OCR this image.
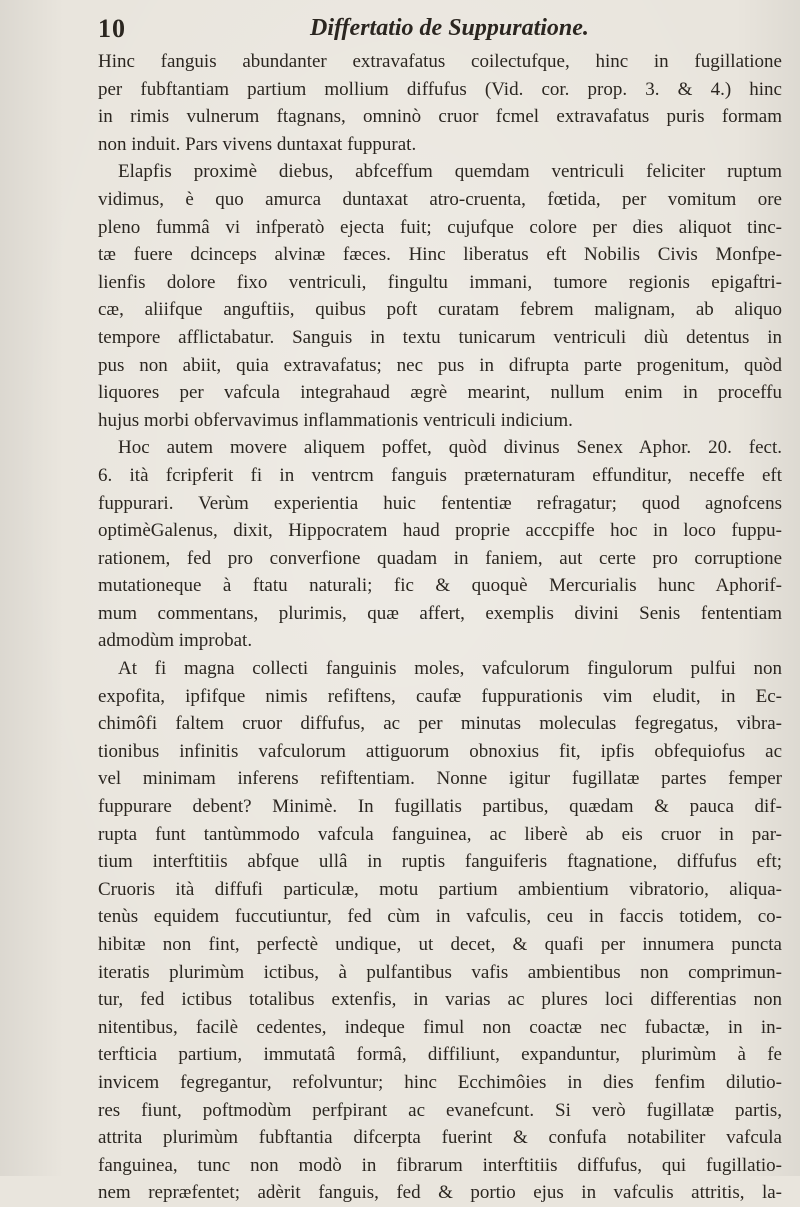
10	Differtatio de Suppuratione.
Hinc fanguis abundanter extravafatus coilectufque, hinc in fugillatione
per fubftantiam partium mollium diffufus (Vid. cor. prop. 3. & 4.) hinc
in rimis vulnerum ftagnans, omninò cruor fcmel extravafatus puris formam
non induit. Pars vivens duntaxat fuppurat.
Elapfis proximè diebus, abfceffum quemdam ventriculi feliciter ruptum
vidimus, è quo amurca duntaxat atro-cruenta, fœtida, per vomitum ore
pleno fummâ vi infperatò ejecta fuit; cujufque colore per dies aliquot tinc-
tæ fuere dcinceps alvinæ fæces. Hinc liberatus eft Nobilis Civis Monfpe-
lienfis dolore fixo ventriculi, fingultu immani, tumore regionis epigaftri-
cæ, aliifque anguftiis, quibus poft curatam febrem malignam, ab aliquo
tempore afflictabatur. Sanguis in textu tunicarum ventriculi diù detentus in
pus non abiit, quia extravafatus; nec pus in difrupta parte progenitum, quòd
liquores per vafcula integrahaud ægrè mearint, nullum enim in proceffu
hujus morbi obfervavimus inflammationis ventriculi indicium.
Hoc autem movere aliquem poffet, quòd divinus Senex Aphor. 20. fect.
6. ità fcripferit fi in ventrcm fanguis præternaturam effunditur, neceffe eft
fuppurari. Verùm experientia huic fententiæ refragatur; quod agnofcens
optimèGalenus, dixit, Hippocratem haud proprie acccpiffe hoc in loco fuppu-
rationem, fed pro converfione quadam in faniem, aut certe pro corruptione
mutationeque à ftatu naturali; fic & quoquè Mercurialis hunc Aphorif-
mum commentans, plurimis, quæ affert, exemplis divini Senis fententiam
admodùm improbat.
At fi magna collecti fanguinis moles, vafculorum fingulorum pulfui non
expofita, ipfifque nimis refiftens, caufæ fuppurationis vim eludit, in Ec-
chimôfi faltem cruor diffufus, ac per minutas moleculas fegregatus, vibra-
tionibus infinitis vafculorum attiguorum obnoxius fit, ipfis obfequiofus ac
vel minimam inferens refiftentiam. Nonne igitur fugillatæ partes femper
fuppurare debent? Minimè. In fugillatis partibus, quædam & pauca dif-
rupta funt tantùmmodo vafcula fanguinea, ac liberè ab eis cruor in par-
tium interftitiis abfque ullâ in ruptis fanguiferis ftagnatione, diffufus eft;
Cruoris ità diffufi particulæ, motu partium ambientium vibratorio, aliqua-
tenùs equidem fuccutiuntur, fed cùm in vafculis, ceu in faccis totidem, co-
hibitæ non fint, perfectè undique, ut decet, & quafi per innumera puncta
iteratis plurimùm ictibus, à pulfantibus vafis ambientibus non comprimun-
tur, fed ictibus totalibus extenfis, in varias ac plures loci differentias non
nitentibus, facilè cedentes, indeque fimul non coactæ nec fubactæ, in in-
terfticia partium, immutatâ formâ, diffiliunt, expanduntur, plurimùm à fe
invicem fegregantur, refolvuntur; hinc Ecchimôies in dies fenfim dilutio-
res fiunt, poftmodùm perfpirant ac evanefcunt. Si verò fugillatæ partis,
attrita plurimùm fubftantia difcerpta fuerint & confufa notabiliter vafcula
fanguinea, tunc non modò in fibrarum interftitiis diffufus, qui fugillatio-
nem repræfentet; adèrit fanguis, fed & portio ejus in vafculis attritis, la-
